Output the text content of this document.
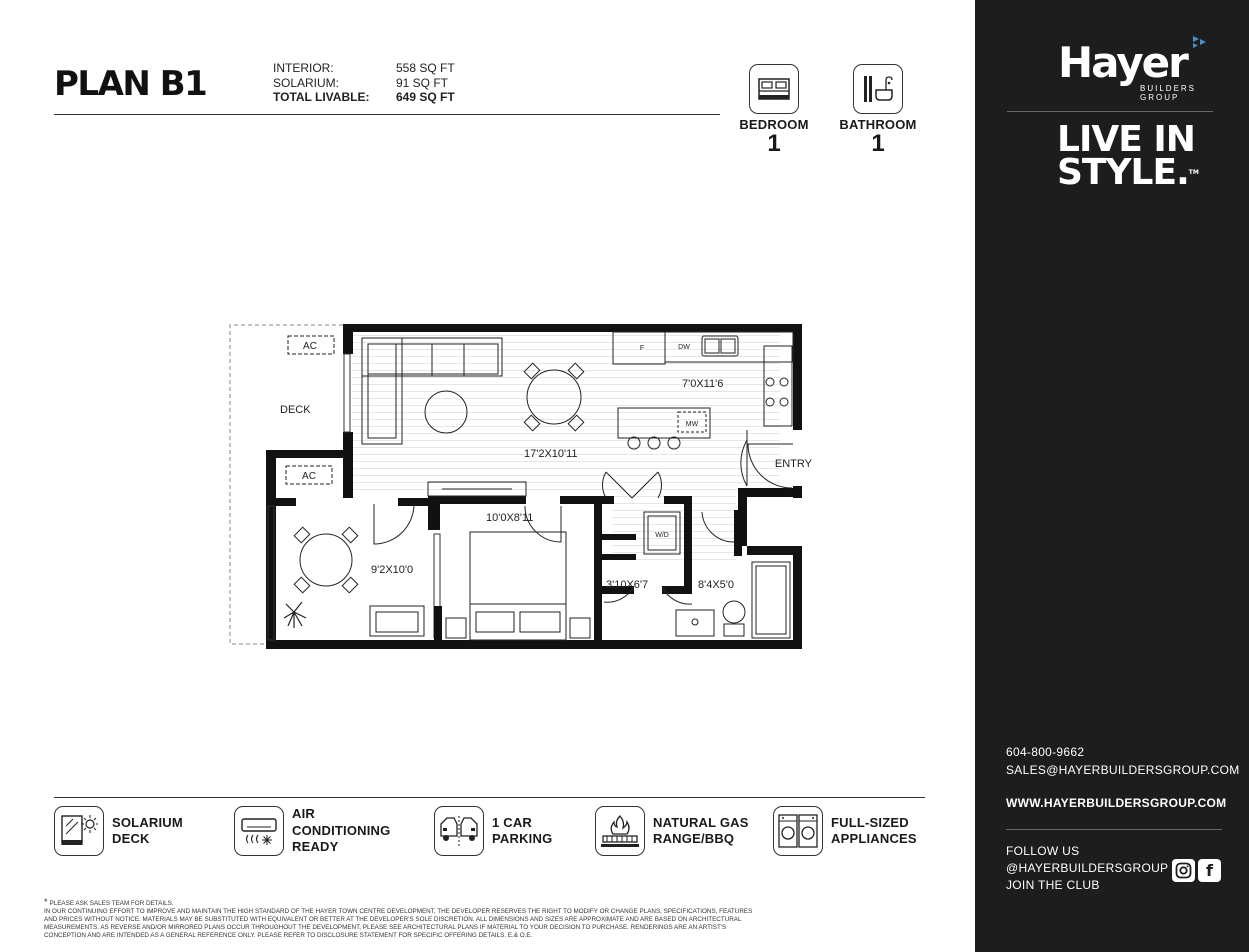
PLAN B1	INTERIOR:	558 SQ FT
SOLARIUM:	91 SQ FT
TOTAL LIVABLE:	649 SQ FT
BEDROOM
1
BATHROOM
1
AC
AC
DECK
7'0X11'6
17'2X10'11
10'0X8'11
9'2X10'0
3'10X6'7	8'4X5'0
ENTRY
F	DW
MW
W/D
SOLARIUM
DECK
AIR
CONDITIONING
READY
1 CAR
PARKING
NATURAL GAS
RANGE/BBQ
FULL-SIZED
APPLIANCES
* PLEASE ASK SALES TEAM FOR DETAILS.
IN OUR CONTINUING EFFORT TO IMPROVE AND MAINTAIN THE HIGH STANDARD OF THE HAYER TOWN CENTRE DEVELOPMENT, THE DEVELOPER RESERVES THE RIGHT TO MODIFY OR CHANGE PLANS, SPECIFICATIONS, FEATURES AND PRICES WITHOUT NOTICE. MATERIALS MAY BE SUBSTITUTED WITH EQUIVALENT OR BETTER AT THE DEVELOPER'S SOLE DISCRETION. ALL DIMENSIONS AND SIZES ARE APPROXIMATE AND ARE BASED ON ARCHITECTURAL MEASUREMENTS. AS REVERSE AND/OR MIRRORED PLANS OCCUR THROUGHOUT THE DEVELOPMENT, PLEASE SEE ARCHITECTURAL PLANS IF MATERIAL TO YOUR DECISION TO PURCHASE. RENDERINGS ARE AN ARTIST'S CONCEPTION AND ARE INTENDED AS A GENERAL REFERENCE ONLY. PLEASE REFER TO DISCLOSURE STATEMENT FOR SPECIFIC OFFERING DETAILS. E.& O.E.
Hayer
BUILDERS
GROUP
LIVE IN
STYLE.TM
604-800-9662
SALES@HAYERBUILDERSGROUP.COM
WWW.HAYERBUILDERSGROUP.COM
FOLLOW US
@HAYERBUILDERSGROUP
JOIN THE CLUB
f
